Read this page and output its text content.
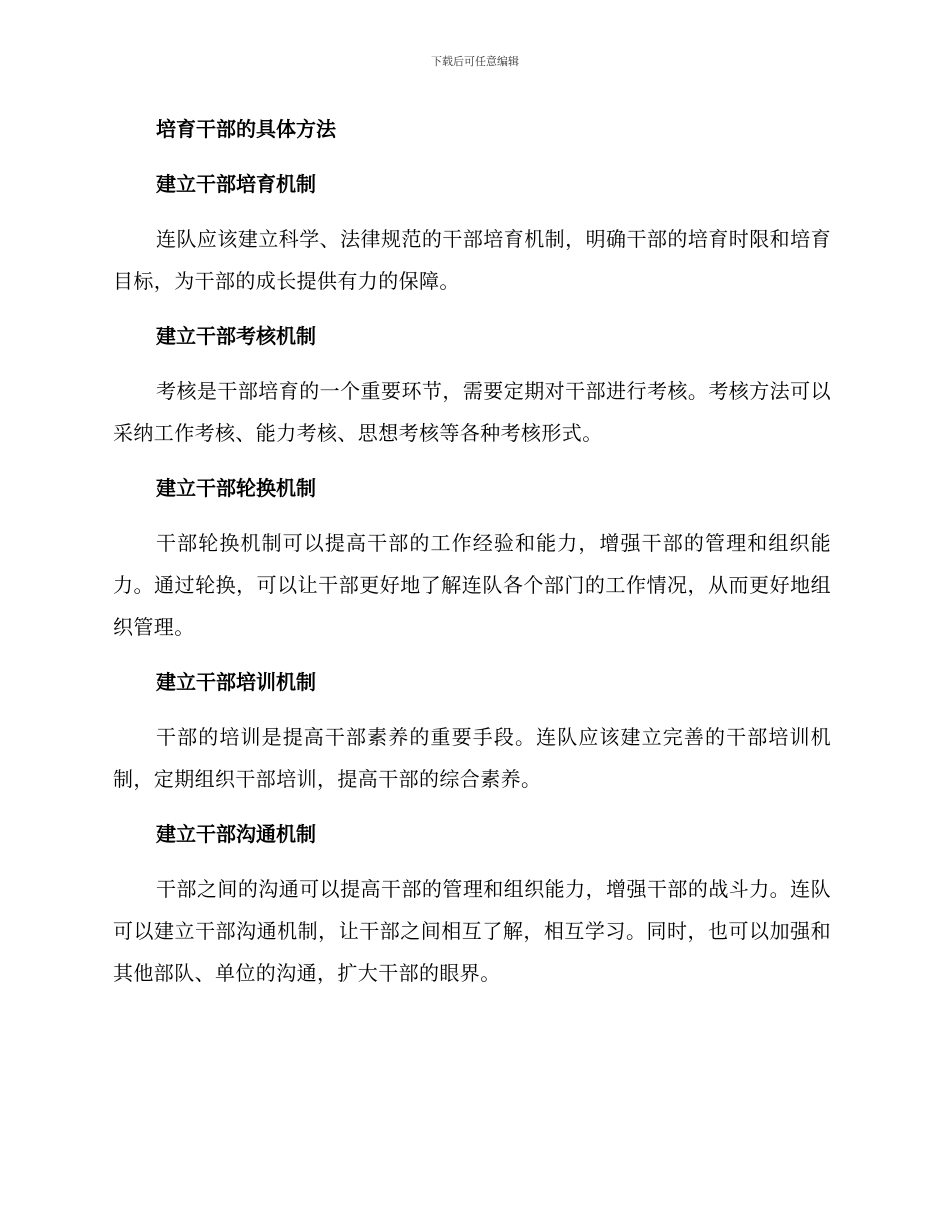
下载后可任意编辑
培育干部的具体方法
建立干部培育机制

连队应该建立科学、法律规范的干部培育机制，明确干部的培育时限和培育目标，为干部的成长提供有力的保障。

建立干部考核机制

考核是干部培育的一个重要环节，需要定期对干部进行考核。考核方法可以采纳工作考核、能力考核、思想考核等各种考核形式。

建立干部轮换机制

干部轮换机制可以提高干部的工作经验和能力，增强干部的管理和组织能力。通过轮换，可以让干部更好地了解连队各个部门的工作情况，从而更好地组织管理。

建立干部培训机制

干部的培训是提高干部素养的重要手段。连队应该建立完善的干部培训机制，定期组织干部培训，提高干部的综合素养。

建立干部沟通机制

干部之间的沟通可以提高干部的管理和组织能力，增强干部的战斗力。连队可以建立干部沟通机制，让干部之间相互了解，相互学习。同时，也可以加强和其他部队、单位的沟通，扩大干部的眼界。
